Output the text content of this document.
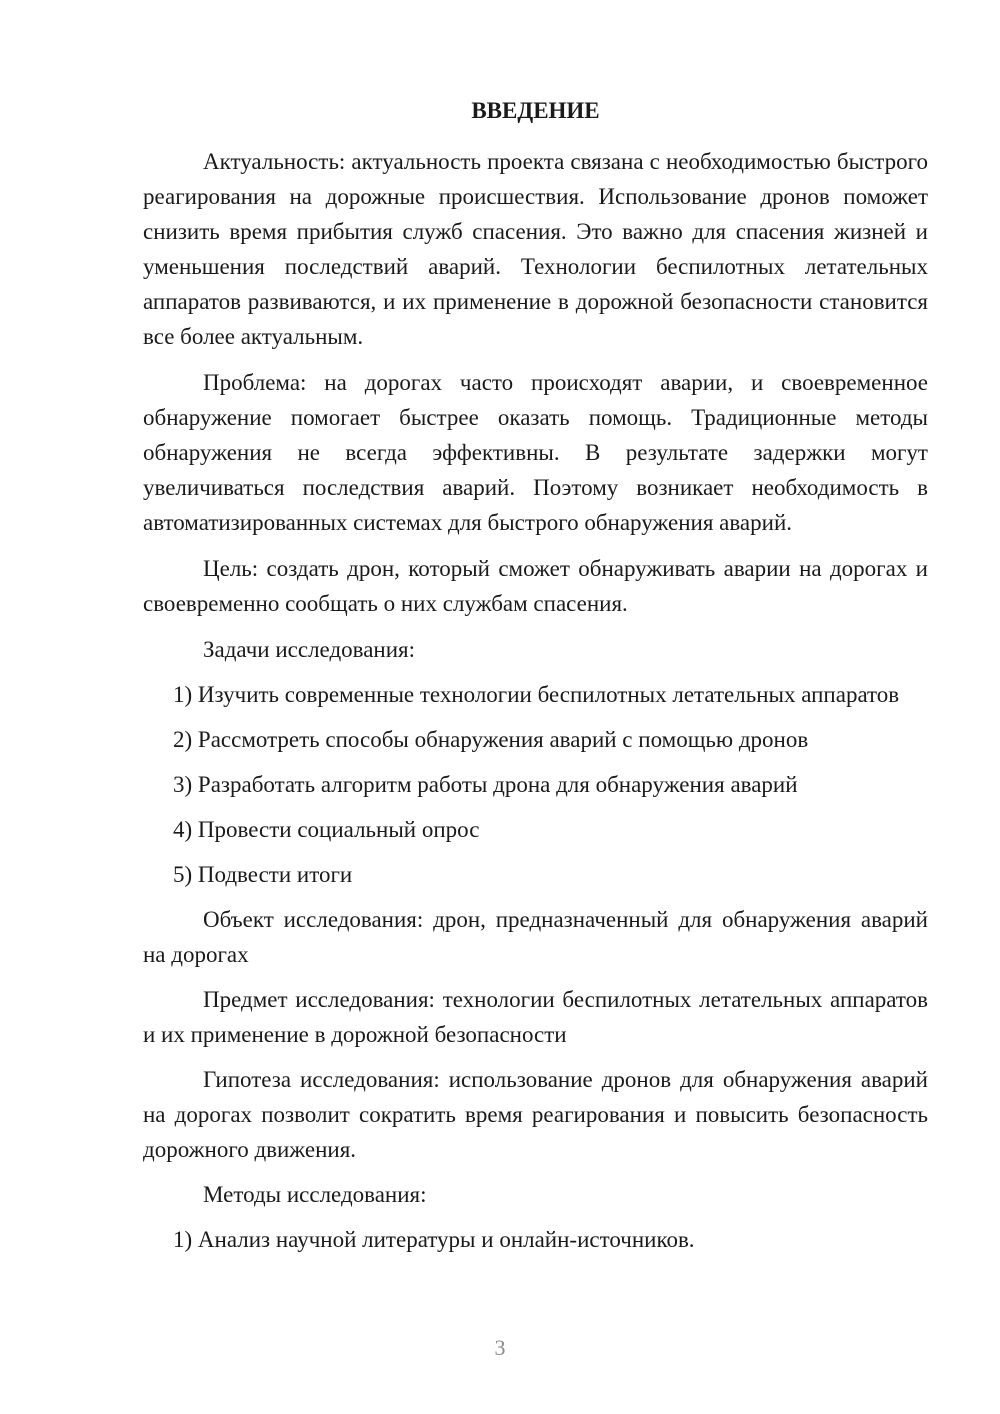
ВВЕДЕНИЕ

Актуальность: актуальность проекта связана с необходимостью быстрого реагирования на дорожные происшествия. Использование дронов поможет снизить время прибытия служб спасения. Это важно для спасения жизней и уменьшения последствий аварий. Технологии беспилотных летательных аппаратов развиваются, и их применение в дорожной безопасности становится все более актуальным.

Проблема: на дорогах часто происходят аварии, и своевременное обнаружение помогает быстрее оказать помощь. Традиционные методы обнаружения не всегда эффективны. В результате задержки могут увеличиваться последствия аварий. Поэтому возникает необходимость в автоматизированных системах для быстрого обнаружения аварий.

Цель: создать дрон, который сможет обнаруживать аварии на дорогах и своевременно сообщать о них службам спасения.

Задачи исследования:

1) Изучить современные технологии беспилотных летательных аппаратов

2) Рассмотреть способы обнаружения аварий с помощью дронов

3) Разработать алгоритм работы дрона для обнаружения аварий

4) Провести социальный опрос

5) Подвести итоги

Объект исследования: дрон, предназначенный для обнаружения аварий на дорогах

Предмет исследования: технологии беспилотных летательных аппаратов и их применение в дорожной безопасности

Гипотеза исследования: использование дронов для обнаружения аварий на дорогах позволит сократить время реагирования и повысить безопасность дорожного движения.

Методы исследования:

1) Анализ научной литературы и онлайн-источников.

3
